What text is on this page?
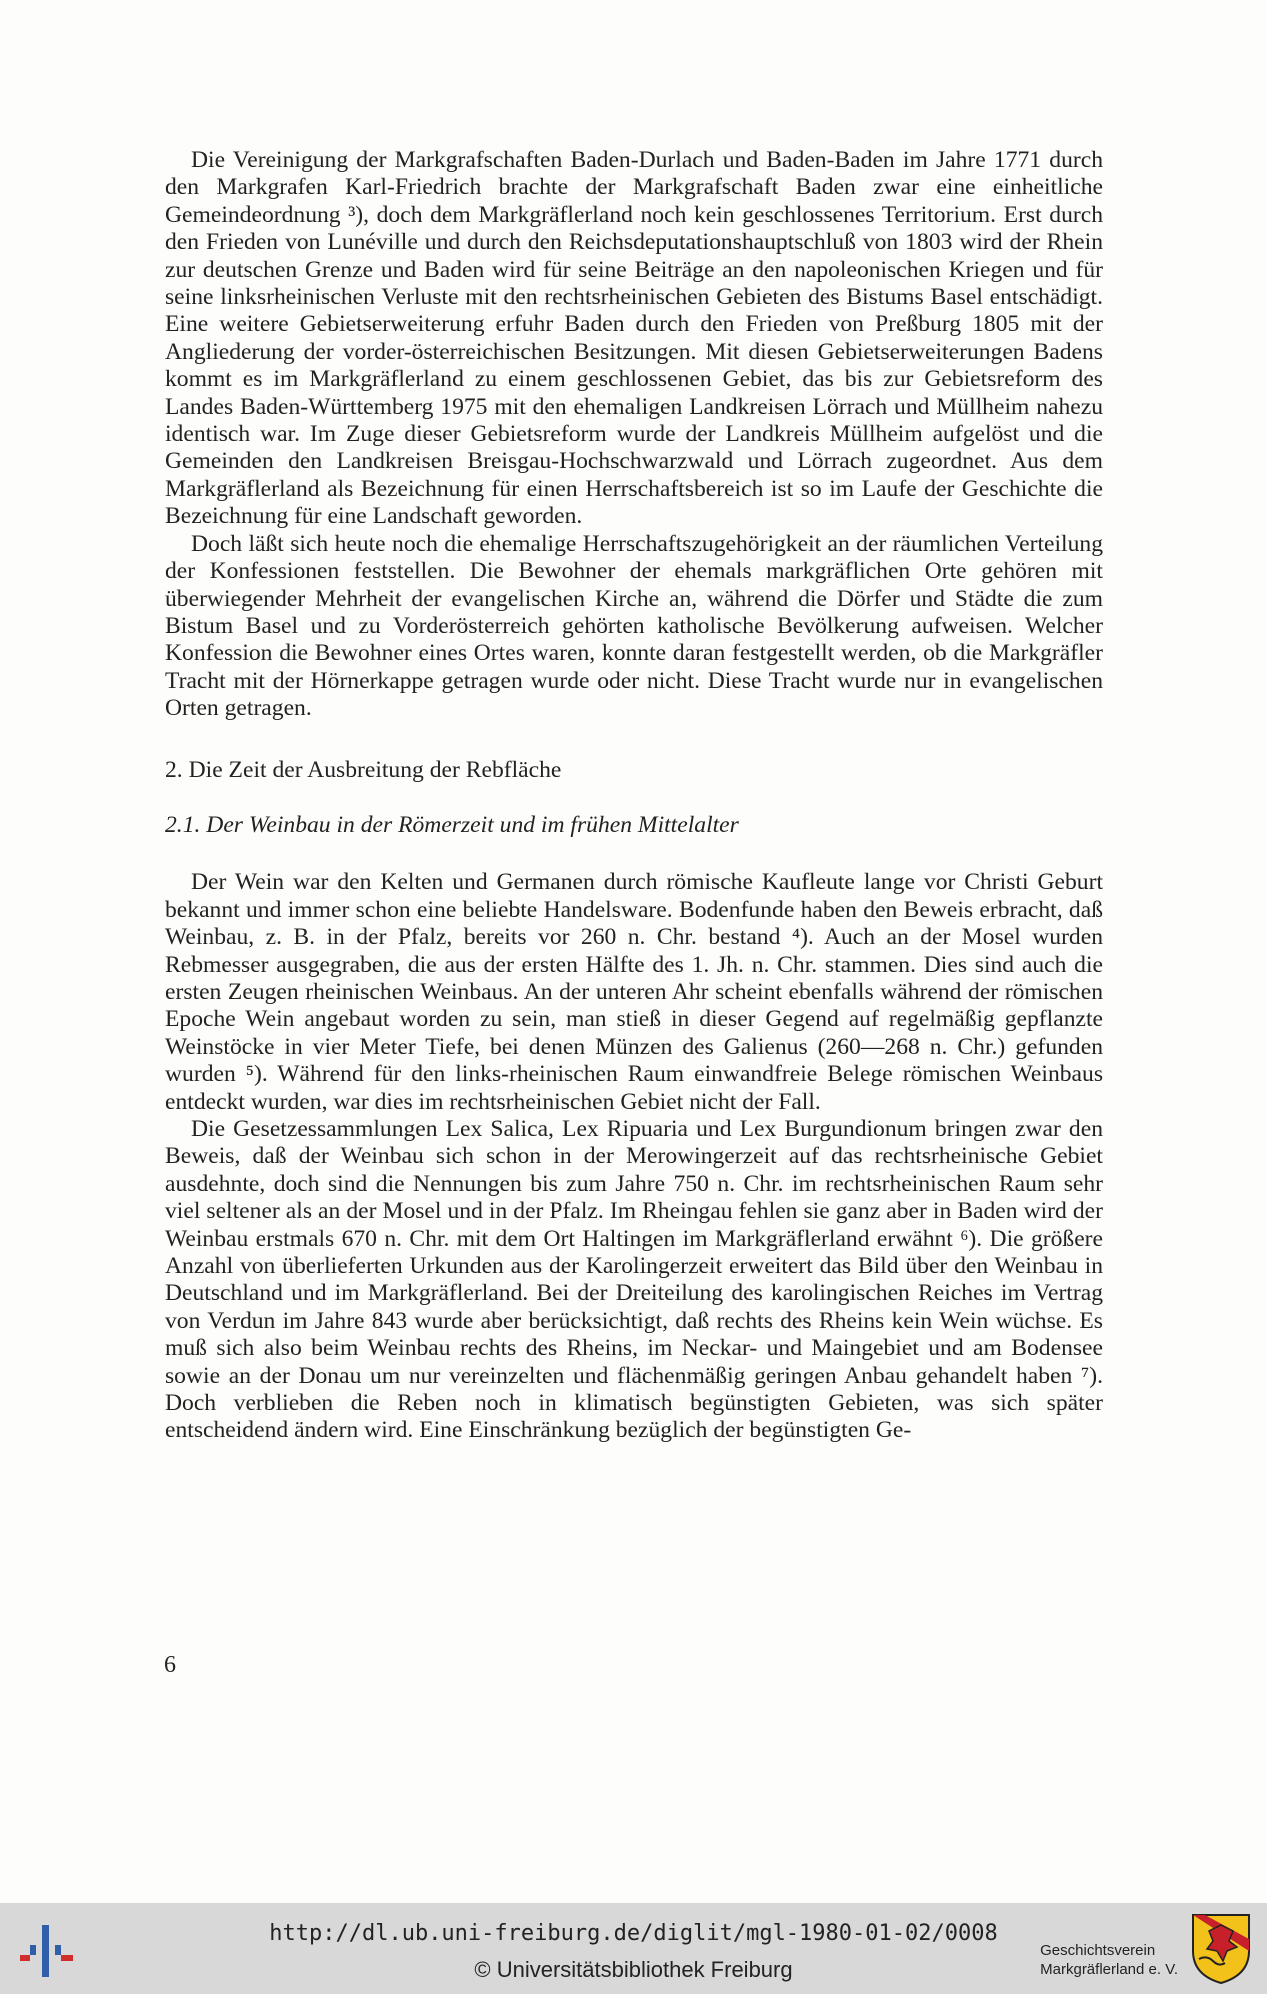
Die Vereinigung der Markgrafschaften Baden-Durlach und Baden-Baden im Jahre 1771 durch den Markgrafen Karl-Friedrich brachte der Markgrafschaft Baden zwar eine einheitliche Gemeindeordnung ³), doch dem Markgräflerland noch kein geschlossenes Territorium. Erst durch den Frieden von Lunéville und durch den Reichsdeputationshauptschluß von 1803 wird der Rhein zur deutschen Grenze und Baden wird für seine Beiträge an den napoleonischen Kriegen und für seine linksrheinischen Verluste mit den rechtsrheinischen Gebieten des Bistums Basel entschädigt. Eine weitere Gebietserweiterung erfuhr Baden durch den Frieden von Preßburg 1805 mit der Angliederung der vorder-österreichischen Besitzungen. Mit diesen Gebietserweiterungen Badens kommt es im Markgräflerland zu einem geschlossenen Gebiet, das bis zur Gebietsreform des Landes Baden-Württemberg 1975 mit den ehemaligen Landkreisen Lörrach und Müllheim nahezu identisch war. Im Zuge dieser Gebietsreform wurde der Landkreis Müllheim aufgelöst und die Gemeinden den Landkreisen Breisgau-Hochschwarzwald und Lörrach zugeordnet. Aus dem Markgräflerland als Bezeichnung für einen Herrschaftsbereich ist so im Laufe der Geschichte die Bezeichnung für eine Landschaft geworden.

Doch läßt sich heute noch die ehemalige Herrschaftszugehörigkeit an der räumlichen Verteilung der Konfessionen feststellen. Die Bewohner der ehemals markgräflichen Orte gehören mit überwiegender Mehrheit der evangelischen Kirche an, während die Dörfer und Städte die zum Bistum Basel und zu Vorderösterreich gehörten katholische Bevölkerung aufweisen. Welcher Konfession die Bewohner eines Ortes waren, konnte daran festgestellt werden, ob die Markgräfler Tracht mit der Hörnerkappe getragen wurde oder nicht. Diese Tracht wurde nur in evangelischen Orten getragen.

2. Die Zeit der Ausbreitung der Rebfläche

2.1. Der Weinbau in der Römerzeit und im frühen Mittelalter

Der Wein war den Kelten und Germanen durch römische Kaufleute lange vor Christi Geburt bekannt und immer schon eine beliebte Handelsware. Bodenfunde haben den Beweis erbracht, daß Weinbau, z. B. in der Pfalz, bereits vor 260 n. Chr. bestand ⁴). Auch an der Mosel wurden Rebmesser ausgegraben, die aus der ersten Hälfte des 1. Jh. n. Chr. stammen. Dies sind auch die ersten Zeugen rheinischen Weinbaus. An der unteren Ahr scheint ebenfalls während der römischen Epoche Wein angebaut worden zu sein, man stieß in dieser Gegend auf regelmäßig gepflanzte Weinstöcke in vier Meter Tiefe, bei denen Münzen des Galienus (260—268 n. Chr.) gefunden wurden ⁵). Während für den links-rheinischen Raum einwandfreie Belege römischen Weinbaus entdeckt wurden, war dies im rechtsrheinischen Gebiet nicht der Fall.

Die Gesetzessammlungen Lex Salica, Lex Ripuaria und Lex Burgundionum bringen zwar den Beweis, daß der Weinbau sich schon in der Merowingerzeit auf das rechtsrheinische Gebiet ausdehnte, doch sind die Nennungen bis zum Jahre 750 n. Chr. im rechtsrheinischen Raum sehr viel seltener als an der Mosel und in der Pfalz. Im Rheingau fehlen sie ganz aber in Baden wird der Weinbau erstmals 670 n. Chr. mit dem Ort Haltingen im Markgräflerland erwähnt ⁶). Die größere Anzahl von überlieferten Urkunden aus der Karolingerzeit erweitert das Bild über den Weinbau in Deutschland und im Markgräflerland. Bei der Dreiteilung des karolingischen Reiches im Vertrag von Verdun im Jahre 843 wurde aber berücksichtigt, daß rechts des Rheins kein Wein wüchse. Es muß sich also beim Weinbau rechts des Rheins, im Neckar- und Maingebiet und am Bodensee sowie an der Donau um nur vereinzelten und flächenmäßig geringen Anbau gehandelt haben ⁷). Doch verblieben die Reben noch in klimatisch begünstigten Gebieten, was sich später entscheidend ändern wird. Eine Einschränkung bezüglich der begünstigten Ge-

6
http://dl.ub.uni-freiburg.de/diglit/mgl-1980-01-02/0008
© Universitätsbibliothek Freiburg
Geschichtsverein
Markgräflerland e. V.
